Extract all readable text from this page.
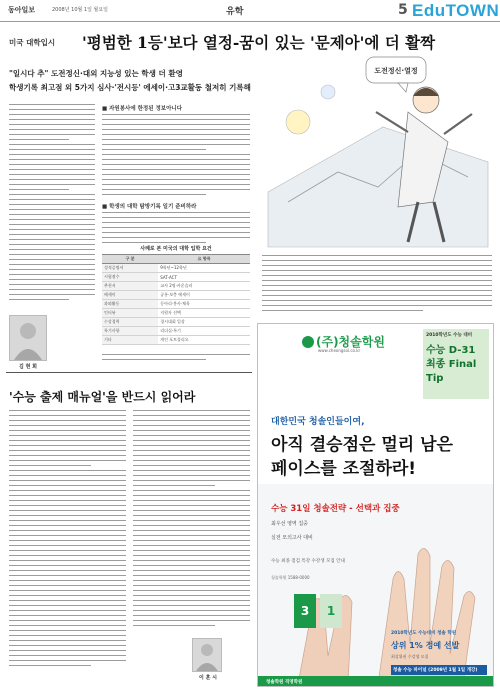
동아일보	2008년 10월 1일 월요일	유학	5 EduTOWN
미국 대학입시 '평범한 1등'보다 열정-꿈이 있는 '문제아'에 더 활짝
"일시다 추" 도전정신·대외 지능성 있는 학생 더 환영
학생기록 최고점 외 5가지 심사·'전시등' 에세이·고3교활동 철저히 기록해
도전정신·열정
■ 자원봉사에 한정된 정보아니다
■ 학생의 대학 탐방기록 일기 준비하라
사례로 본 미국의 대학 입학 요건
구 분	요 항목
성적증명서	9학년~12학년
시험점수	SAT·ACT
추천서	교사 2명·카운슬러
에세이	공통·보충 에세이
과외활동	동아리·봉사·체육
인터뷰	지원자 선택
수상경력	경시대회 입상
특기사항	리더십·특기
기타	개인 포트폴리오
김 현 희
'수능 출제 매뉴얼'을 반드시 읽어라
이 혼 시
(주)청솔학원
www.cheongsol.co.kr
2010학년도 수능 대비
수능 D-31 최종 Final Tip
대한민국 청솔인들이여,
아직 결승점은 멀리 남은
페이스를 조절하라!
수능 31일 청솔전략 - 선택과 집중
최우선 영역 집중
실전 모의고사 대비
수능 최종 점검 특강 수강생 모집 안내
청솔학원 1588-0000
3	1
2010학년도 수능대비 청솔 학원
상위 1% 정예 선발
최상위권 수강생 모집
청솔 수능 파이널 (2009년 1월 1일 개강)
청솔학원 직영학원
